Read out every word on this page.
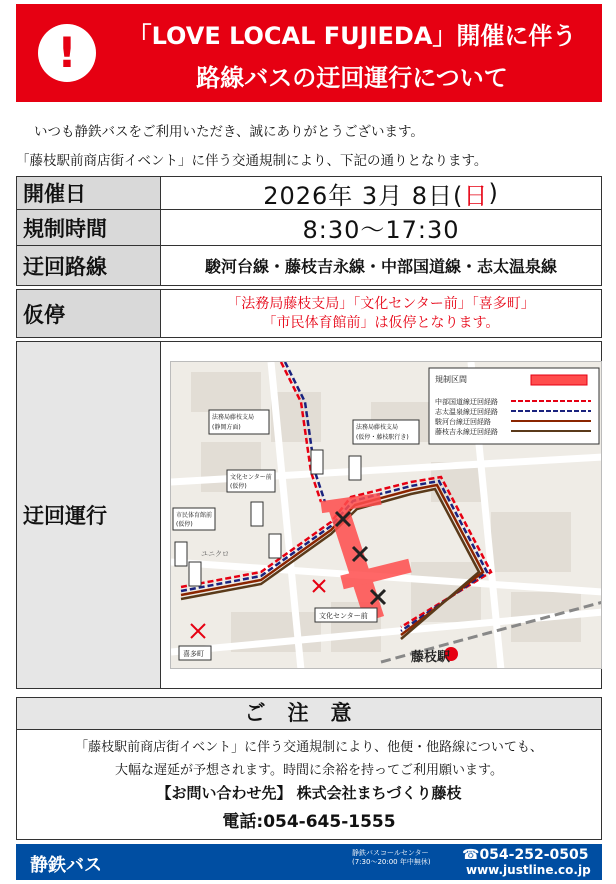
!	「LOVE LOCAL FUJIEDA」開催に伴う
路線バスの迂回運行について
いつも静鉄バスをご利用いただき、誠にありがとうございます。
「藤枝駅前商店街イベント」に伴う交通規制により、下記の通りとなります。
開催日	2026年 3月 8日( 日 )
規制時間	8:30〜17:30
迂回路線	駿河台線・藤枝吉永線・中部国道線・志太温泉線
仮停	「法務局藤枝支局」「文化センター前」「喜多町」
「市民体育館前」は仮停となります。
迂回運行
藤枝駅
ユニクロ
規制区間
中部国道線迂回経路
志太温泉線迂回経路
駿河台線迂回経路
藤枝吉永線迂回経路
法務局藤枝支局
(静岡方面)	法務局藤枝支局
(仮停・藤枝駅行き)
文化センター前
(仮停)
市民体育館前
(仮停)
文化センター前
喜多町
ご注意
「藤枝駅前商店街イベント」に伴う交通規制により、他便・他路線についても、
大幅な遅延が予想されます。時間に余裕を持ってご利用願います。
【お問い合わせ先】 株式会社まちづくり藤枝
電話:054-645-1555
静鉄バス
静鉄バスコールセンター
(7:30〜20:00 年中無休) ☎054-252-0505
www.justline.co.jp
